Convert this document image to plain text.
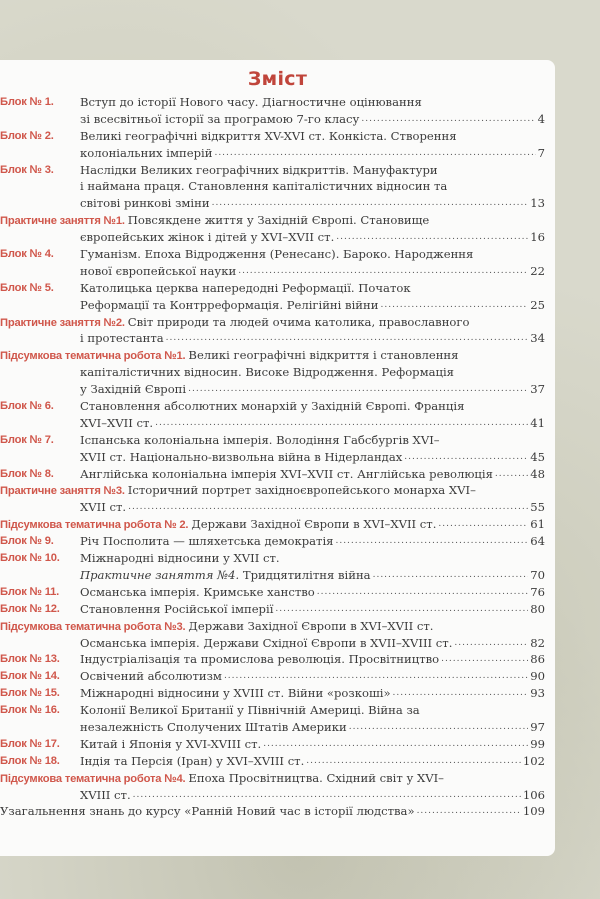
Зміст
Блок № 1. Вступ до історії Нового часу. Діагностичне оцінювання
зі всесвітньої історії за програмою 7-го класу .....	4
Блок № 2. Великі географічні відкриття XV-XVI ст. Конкіста. Створення
колоніальних імперій .....	7
Блок № 3. Наслідки Великих географічних відкриттів. Мануфактури
і наймана праця. Становлення капіталістичних відносин та
світові ринкові зміни .....	13
Практичне заняття №1. Повсякдене життя у Західній Європі. Становище
європейських жінок і дітей у XVI–XVII ст. .....	16
Блок № 4. Гуманізм. Епоха Відродження (Ренесанс). Бароко. Народження
нової європейської науки .....	22
Блок № 5. Католицька церква напередодні Реформації. Початок
Реформації та Контрреформація. Релігійні війни .....	25
Практичне заняття №2. Світ природи та людей очима католика, православного
і протестанта .....	34
Підсумкова тематична робота №1. Великі географічні відкриття і становлення
капіталістичних відносин. Високе Відродження. Реформація
у Західній Європі .....	37
Блок № 6. Становлення абсолютних монархій у Західній Європі. Франція
XVI–XVII ст. .....	41
Блок № 7. Іспанська колоніальна імперія. Володіння Габсбургів XVI–
XVII ст. Національно-визвольна війна в Нідерландах .....	45
Блок № 8. Англійська колоніальна імперія XVI–XVII ст. Англійська революція .....	48
Практичне заняття №3. Історичний портрет західноєвропейського монарха XVI–
XVII ст. .....	55
Підсумкова тематична робота № 2. Держави Західної Європи в XVI–XVII ст. .....	61
Блок № 9. Річ Посполита — шляхетська демократія .....	64
Блок № 10. Міжнародні відносини у XVII ст.
Практичне заняття №4. Тридцятилітня війна .....	70
Блок № 11. Османська імперія. Кримське ханство .....	76
Блок № 12. Становлення Російської імперії .....	80
Підсумкова тематична робота №3. Держави Західної Європи в XVI–XVII ст.
Османська імперія. Держави Східної Європи в XVII–XVIII ст. .....	82
Блок № 13. Індустріалізація та промислова революція. Просвітництво .....	86
Блок № 14. Освічений абсолютизм .....	90
Блок № 15. Міжнародні відносини у XVIII ст. Війни «розкоші» .....	93
Блок № 16. Колонії Великої Британії у Північній Америці. Війна за
незалежність Сполучених Штатів Америки .....	97
Блок № 17. Китай і Японія у XVI-XVIII ст. .....	99
Блок № 18. Індія та Персія (Іран) у XVI–XVIII ст. .....	102
Підсумкова тематична робота №4. Епоха Просвітництва. Східний світ у XVI–
XVIII ст. .....	106
Узагальнення знань до курсу «Ранній Новий час в історії людства» .....	109
